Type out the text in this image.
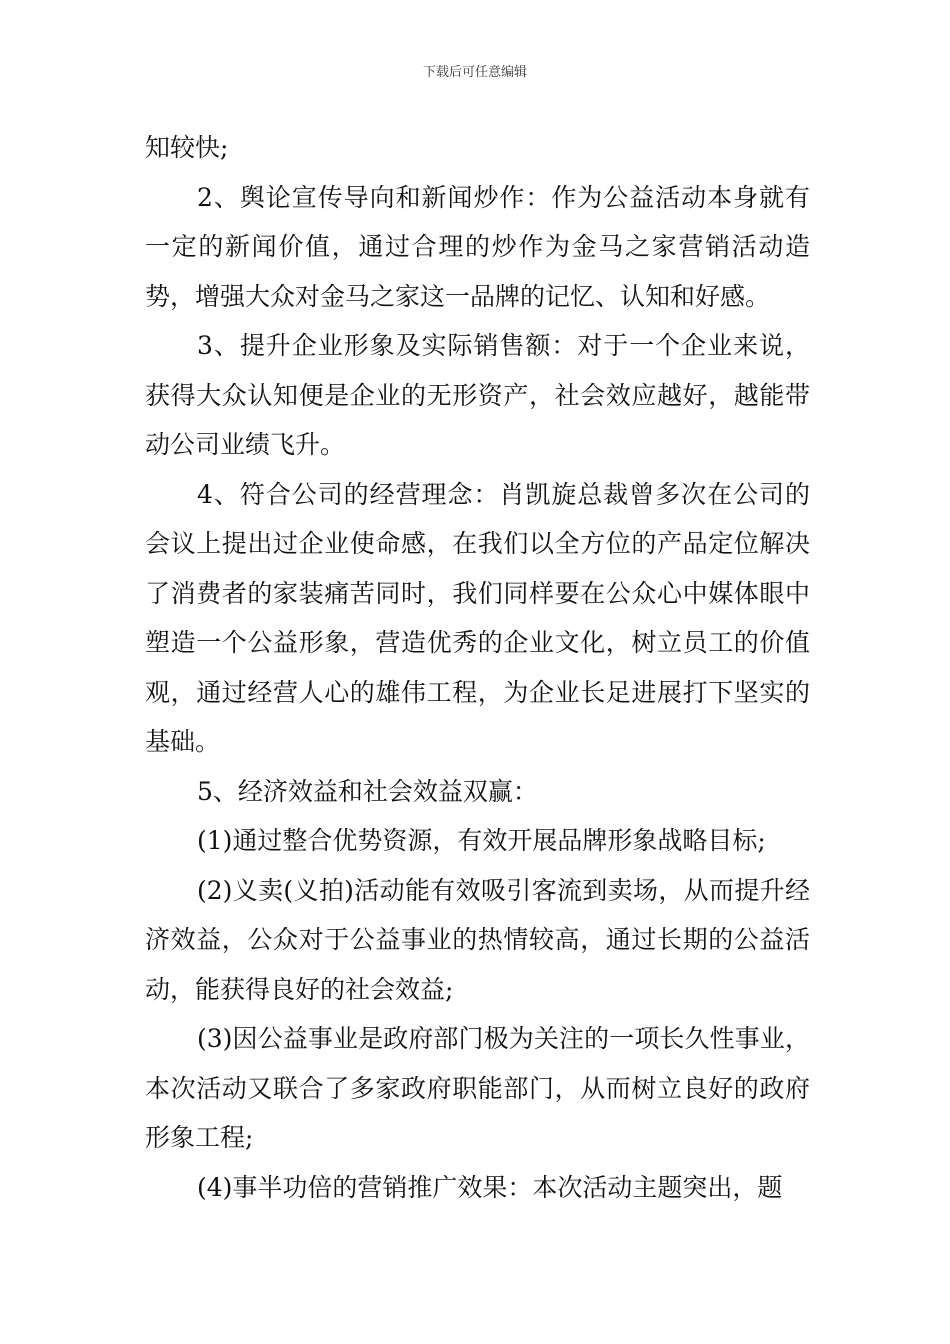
下载后可任意编辑

知较快;

2、舆论宣传导向和新闻炒作：作为公益活动本身就有一定的新闻价值，通过合理的炒作为金马之家营销活动造势，增强大众对金马之家这一品牌的记忆、认知和好感。

3、提升企业形象及实际销售额：对于一个企业来说，获得大众认知便是企业的无形资产，社会效应越好，越能带动公司业绩飞升。

4、符合公司的经营理念：肖凯旋总裁曾多次在公司的会议上提出过企业使命感，在我们以全方位的产品定位解决了消费者的家装痛苦同时，我们同样要在公众心中媒体眼中塑造一个公益形象，营造优秀的企业文化，树立员工的价值观，通过经营人心的雄伟工程，为企业长足进展打下坚实的基础。

5、经济效益和社会效益双赢：

(1)通过整合优势资源，有效开展品牌形象战略目标;

(2)义卖(义拍)活动能有效吸引客流到卖场，从而提升经济效益，公众对于公益事业的热情较高，通过长期的公益活动，能获得良好的社会效益;

(3)因公益事业是政府部门极为关注的一项长久性事业，本次活动又联合了多家政府职能部门，从而树立良好的政府形象工程;

(4)事半功倍的营销推广效果：本次活动主题突出，题
